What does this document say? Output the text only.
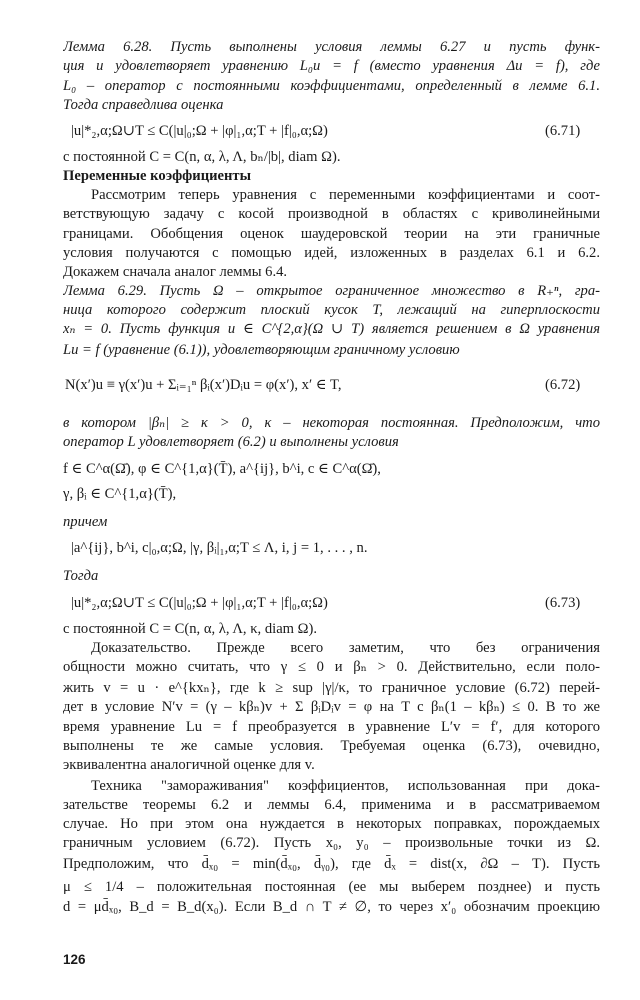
Лемма 6.28. Пусть выполнены условия леммы 6.27 и пусть функ-
ция u удовлетворяет уравнению L₀u = f (вместо уравнения Δu = f), где
L₀ – оператор с постоянными коэффициентами, определенный в лемме 6.1.
Тогда справедлива оценка
|u|*₂,α;Ω∪T ≤ C(|u|₀;Ω + |φ|₁,α;T + |f|₀,α;Ω)	(6.71)
с постоянной C = C(n, α, λ, Λ, bₙ/|b|, diam Ω).
Переменные коэффициенты
Рассмотрим теперь уравнения с переменными коэффициентами и соот-
ветствующую задачу с косой производной в областях с криволинейными
границами. Обобщения оценок шаудеровской теории на эти граничные
условия получаются с помощью идей, изложенных в разделах 6.1 и 6.2.
Докажем сначала аналог леммы 6.4.
Лемма 6.29. Пусть Ω – открытое ограниченное множество в R₊ⁿ, гра-
ница которого содержит плоский кусок T, лежащий на гиперплоскости
xₙ = 0. Пусть функция u ∈ C^{2,α}(Ω ∪ T) является решением в Ω уравнения
Lu = f (уравнение (6.1)), удовлетворяющим граничному условию
N(x′)u ≡ γ(x′)u + Σᵢ₌₁ⁿ βᵢ(x′)Dᵢu = φ(x′), x′ ∈ T,	(6.72)
в котором |βₙ| ≥ κ > 0, κ – некоторая постоянная. Предположим, что
оператор L удовлетворяет (6.2) и выполнены условия
f ∈ C^α(Ω̄), φ ∈ C^{1,α}(T̄), a^{ij}, b^i, c ∈ C^α(Ω̄),
γ, βᵢ ∈ C^{1,α}(T̄),
причем
|a^{ij}, b^i, c|₀,α;Ω, |γ, βᵢ|₁,α;T ≤ Λ, i, j = 1, . . . , n.
Тогда
|u|*₂,α;Ω∪T ≤ C(|u|₀;Ω + |φ|₁,α;T + |f|₀,α;Ω)	(6.73)
с постоянной C = C(n, α, λ, Λ, κ, diam Ω).
Доказательство. Прежде всего заметим, что без ограничения
общности можно считать, что γ ≤ 0 и βₙ > 0. Действительно, если поло-
жить v = u · e^{kxₙ}, где k ≥ sup |γ|/κ, то граничное условие (6.72) перей-
дет в условие N′v = (γ – kβₙ)v + Σ βᵢDᵢv = φ на T с βₙ(1 – kβₙ) ≤ 0. В то же
время уравнение Lu = f преобразуется в уравнение L′v = f′, для которого
выполнены те же самые условия. Требуемая оценка (6.73), очевидно,
эквивалентна аналогичной оценке для v.
Техника "замораживания" коэффициентов, использованная при дока-
зательстве теоремы 6.2 и леммы 6.4, применима и в рассматриваемом
случае. Но при этом она нуждается в некоторых поправках, порождаемых
граничным условием (6.72). Пусть x₀, y₀ – произвольные точки из Ω.
Предположим, что d̄ₓ₀ = min(d̄ₓ₀, d̄ᵧ₀), где d̄ₓ = dist(x, ∂Ω – T). Пусть
μ ≤ 1/4 – положительная постоянная (ее мы выберем позднее) и пусть
d = μd̄ₓ₀, B_d = B_d(x₀). Если B_d ∩ T ≠ ∅, то через x′₀ обозначим проекцию
126
